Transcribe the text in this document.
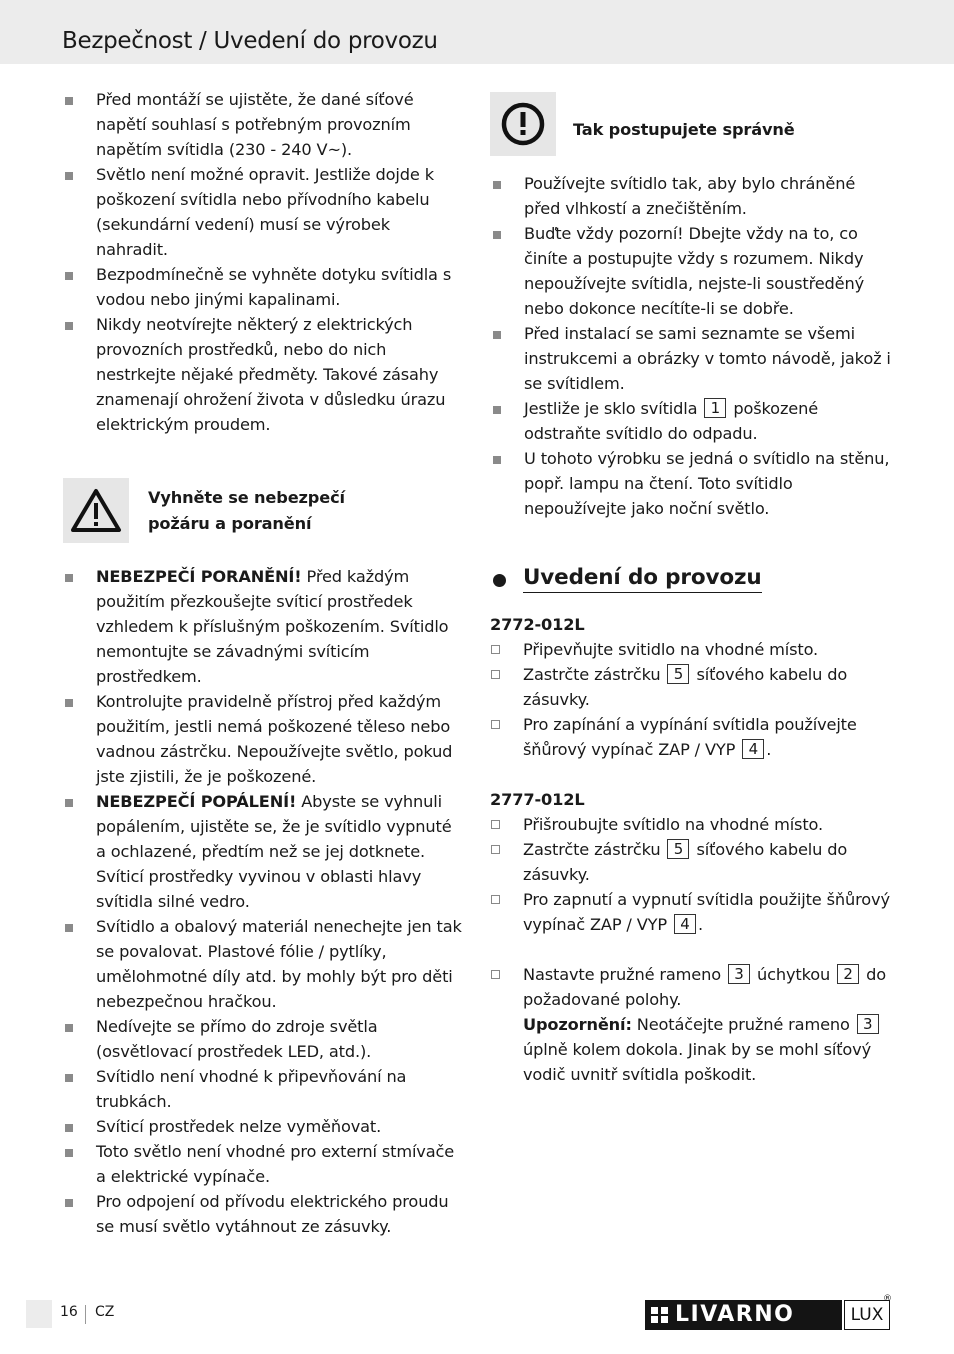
Bezpečnost / Uvedení do provozu
Před montáží se ujistěte, že dané síťové napětí souhlasí s potřebným provozním napětím svítidla (230 - 240 V~).
Světlo není možné opravit. Jestliže dojde k poškození svítidla nebo přívodního kabelu (sekundární vedení) musí se výrobek nahradit.
Bezpodmínečně se vyhněte dotyku svítidla s vodou nebo jinými kapalinami.
Nikdy neotvírejte některý z elektrických provozních prostředků, nebo do nich nestrkejte nějaké předměty. Takové zásahy znamenají ohrožení života v důsledku úrazu elektrickým proudem.
Vyhněte se nebezpečí
požáru a poranění
NEBEZPEČÍ PORANĚNÍ! Před každým použitím přezkoušejte svíticí prostředek vzhledem k příslušným poškozením. Svítidlo nemontujte se závadnými svíticím prostředkem.
Kontrolujte pravidelně přístroj před každým použitím, jestli nemá poškozené těleso nebo vadnou zástrčku. Nepoužívejte světlo, pokud jste zjistili, že je poškozené.
NEBEZPEČÍ POPÁLENÍ! Abyste se vyhnuli popálením, ujistěte se, že je svítidlo vypnuté a ochlazené, předtím než se jej dotknete. Svíticí prostředky vyvinou v oblasti hlavy svítidla silné vedro.
Svítidlo a obalový materiál nenechejte jen tak se povalovat. Plastové fólie / pytlíky, umělohmotné díly atd. by mohly být pro děti nebezpečnou hračkou.
Nedívejte se přímo do zdroje světla (osvětlovací prostředek LED, atd.).
Svítidlo není vhodné k připevňování na trubkách.
Svíticí prostředek nelze vyměňovat.
Toto světlo není vhodné pro externí stmívače a elektrické vypínače.
Pro odpojení od přívodu elektrického proudu se musí světlo vytáhnout ze zásuvky.
Tak postupujete správně
Používejte svítidlo tak, aby bylo chráněné před vlhkostí a znečištěním.
Buďte vždy pozorní! Dbejte vždy na to, co činíte a postupujte vždy s rozumem. Nikdy nepoužívejte svítidla, nejste-li soustředěný nebo dokonce necítíte-li se dobře.
Před instalací se sami seznamte se všemi instrukcemi a obrázky v tomto návodě, jakož i se svítidlem.
Jestliže je sklo svítidla 1 poškozené odstraňte svítidlo do odpadu.
U tohoto výrobku se jedná o svítidlo na stěnu, popř. lampu na čtení. Toto svítidlo nepoužívejte jako noční světlo.
Uvedení do provozu
2772-012L
Připevňujte svitidlo na vhodné místo.
Zastrčte zástrčku 5 síťového kabelu do zásuvky.
Pro zapínání a vypínání svítidla používejte šňůrový vypínač ZAP / VYP 4 .
2777-012L
Přišroubujte svítidlo na vhodné místo.
Zastrčte zástrčku 5 síťového kabelu do zásuvky.
Pro zapnutí a vypnutí svítidla použijte šňůrový vypínač ZAP / VYP 4 .
Nastavte pružné rameno 3 úchytkou 2 do požadované polohy.
Upozornění: Neotáčejte pružné rameno 3 úplně kolem dokola. Jinak by se mohl síťový vodič uvnitř svítidla poškodit.
16 CZ	LIVARNO	LUX
®
